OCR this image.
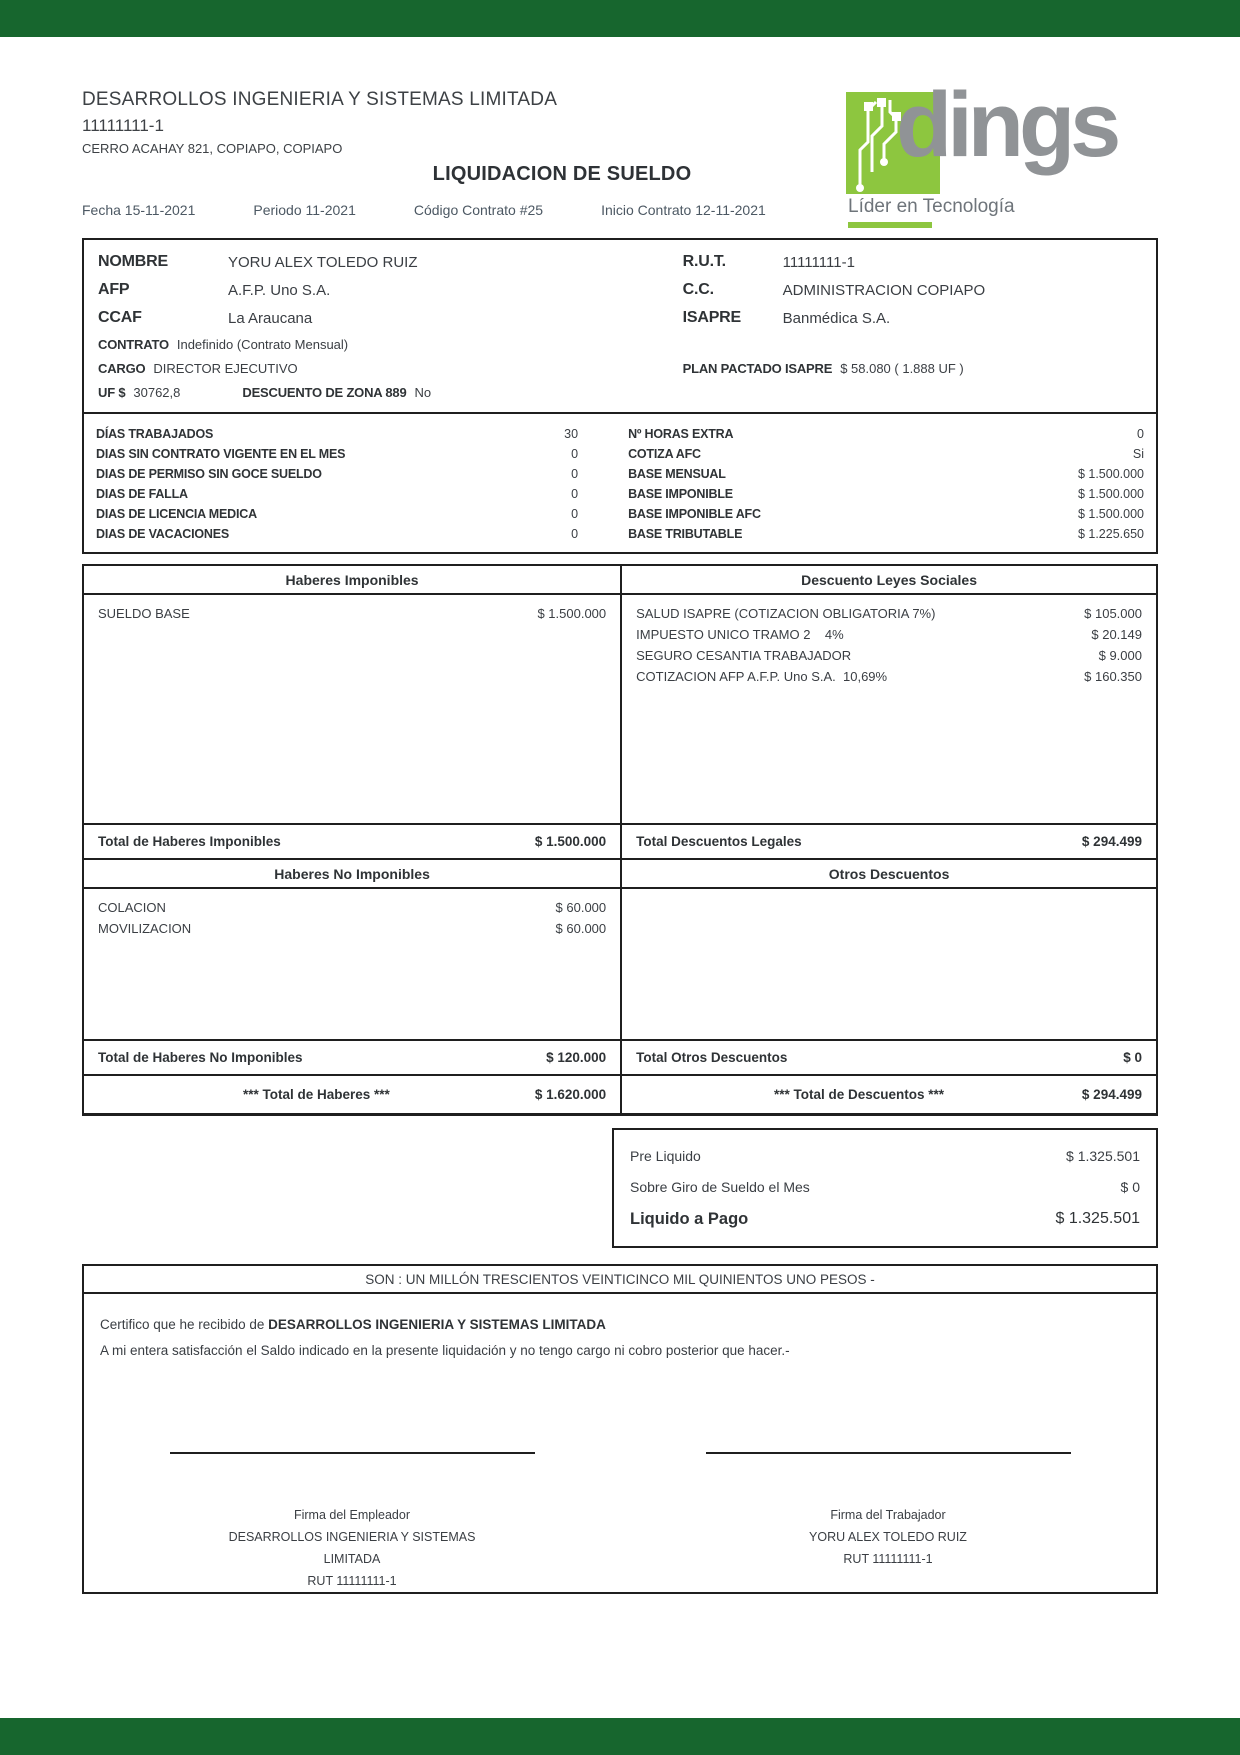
DESARROLLOS INGENIERIA Y SISTEMAS LIMITADA
11111111-1
CERRO ACAHAY 821, COPIAPO, COPIAPO	dings
Líder en Tecnología
LIQUIDACION DE SUELDO
Fecha 15-11-2021	Periodo 11-2021	Código Contrato #25	Inicio Contrato 12-11-2021
NOMBRE	YORU ALEX TOLEDO RUIZ
AFP	A.F.P. Uno S.A.
CCAF	La Araucana
CONTRATO Indefinido (Contrato Mensual)
CARGO DIRECTOR EJECUTIVO
UF $ 30762,8	DESCUENTO DE ZONA 889 No
R.U.T.	11111111-1
C.C.	ADMINISTRACION COPIAPO
ISAPRE	Banmédica S.A.
PLAN PACTADO ISAPRE $ 58.080 ( 1.888 UF )
DÍAS TRABAJADOS	30
DIAS SIN CONTRATO VIGENTE EN EL MES	0
DIAS DE PERMISO SIN GOCE SUELDO	0
DIAS DE FALLA	0
DIAS DE LICENCIA MEDICA	0
DIAS DE VACACIONES	0
Nº HORAS EXTRA	0
COTIZA AFC	Si
BASE MENSUAL	$ 1.500.000
BASE IMPONIBLE	$ 1.500.000
BASE IMPONIBLE AFC	$ 1.500.000
BASE TRIBUTABLE	$ 1.225.650
Haberes Imponibles	Descuento Leyes Sociales
SUELDO BASE	$ 1.500.000 SALUD ISAPRE (COTIZACION OBLIGATORIA 7%)	$ 105.000
IMPUESTO UNICO TRAMO 2    4%	$ 20.149
SEGURO CESANTIA TRABAJADOR	$ 9.000
COTIZACION AFP A.F.P. Uno S.A.  10,69%	$ 160.350
Total de Haberes Imponibles	$ 1.500.000 Total Descuentos Legales	$ 294.499
Haberes No Imponibles	Otros Descuentos
COLACION	$ 60.000
MOVILIZACION	$ 60.000
Total de Haberes No Imponibles	$ 120.000 Total Otros Descuentos	$ 0
*** Total de Haberes ***	$ 1.620.000	*** Total de Descuentos ***	$ 294.499
Pre Liquido	$ 1.325.501
Sobre Giro de Sueldo el Mes	$ 0
Liquido a Pago	$ 1.325.501
SON : UN MILLÓN TRESCIENTOS VEINTICINCO MIL QUINIENTOS UNO PESOS -
Certifico que he recibido de DESARROLLOS INGENIERIA Y SISTEMAS LIMITADA
A mi entera satisfacción el Saldo indicado en la presente liquidación y no tengo cargo ni cobro posterior que hacer.-
Firma del Empleador
DESARROLLOS INGENIERIA Y SISTEMAS
LIMITADA
RUT 11111111-1
Firma del Trabajador
YORU ALEX TOLEDO RUIZ
RUT 11111111-1
